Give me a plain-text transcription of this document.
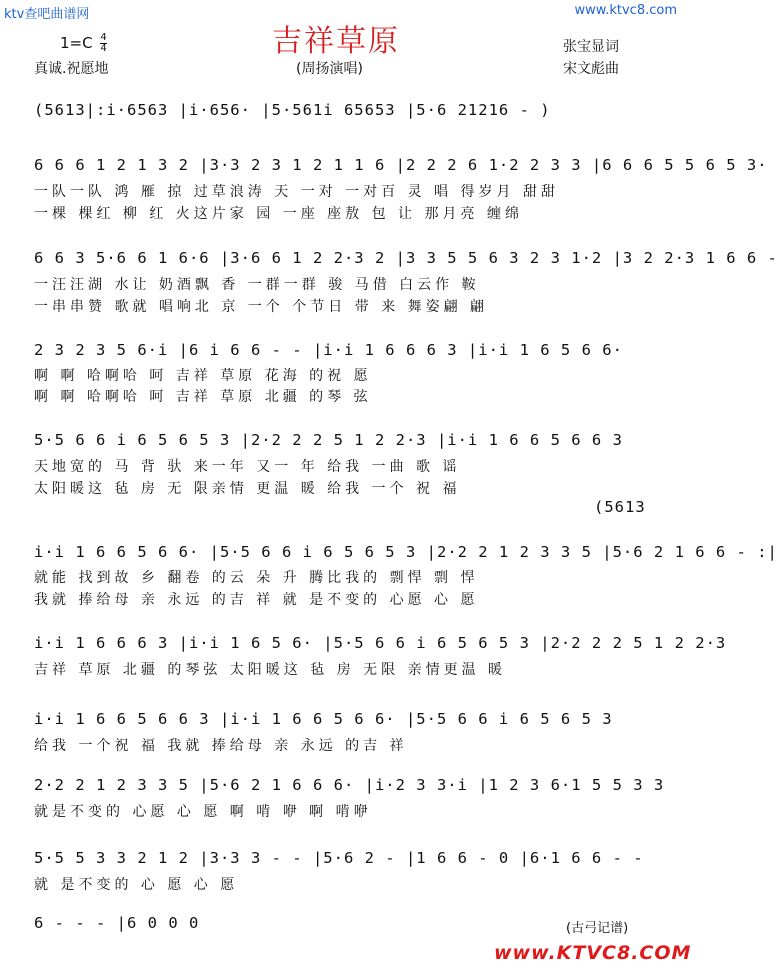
ktv查吧曲谱网	www.ktvc8.com
吉祥草原
$1=C \frac{4}{4}$
真诚.祝愿地	(周扬演唱)
张宝显词
宋文彪曲
(5613|:i·6563 |i·656· |5·561i 65653 |5·6 21216 - )
6 6 6 1 2 1 3 2 |3·3 2 3 1 2 1 1 6 |2 2 2 6 1·2 2 3 3 |6 6 6 5 5 6 5 3·
一队一队 鸿 雁 掠 过草浪涛 天 一对 一对百 灵 唱 得岁月 甜甜
一棵 棵红 柳 红 火这片家 园 一座 座敖 包 让 那月亮 缠绵
6 6 3 5·6 6 1 6·6 |3·6 6 1 2 2·3 2 |3 3 5 5 6 3 2 3 1·2 |3 2 2·3 1 6 6 -
一汪汪湖 水让 奶酒飘 香 一群一群 骏 马借 白云作 鞍
一串串赞 歌就 唱响北 京 一个 个节日 带 来 舞姿翩 翩
2 3 2 3 5 6·i |6 i 6 6 - - |i·i 1 6 6 6 3 |i·i 1 6 5 6 6·
啊 啊 哈啊哈 呵 吉祥 草原 花海 的祝 愿
啊 啊 哈啊哈 呵 吉祥 草原 北疆 的琴 弦
5·5 6 6 i 6 5 6 5 3 |2·2 2 2 5 1 2 2·3 |i·i 1 6 6 5 6 6 3
天地宽的 马 背 驮 来一年 又一 年 给我 一曲 歌 谣
太阳暖这 毡 房 无 限亲情 更温 暖 给我 一个 祝 福
(5613
i·i 1 6 6 5 6 6· |5·5 6 6 i 6 5 6 5 3 |2·2 2 1 2 3 3 5 |5·6 2 1 6 6 - :|
就能 找到故 乡 翻卷 的云 朵 升 腾比我的 剽悍 剽 悍
我就 捧给母 亲 永远 的吉 祥 就 是不变的 心愿 心 愿
i·i 1 6 6 6 3 |i·i 1 6 5 6· |5·5 6 6 i 6 5 6 5 3 |2·2 2 2 5 1 2 2·3
吉祥 草原 北疆 的琴弦 太阳暖这 毡 房 无限 亲情更温 暖
i·i 1 6 6 5 6 6 3 |i·i 1 6 6 5 6 6· |5·5 6 6 i 6 5 6 5 3
给我 一个祝 福 我就 捧给母 亲 永远 的吉 祥
2·2 2 1 2 3 3 5 |5·6 2 1 6 6 6· |i·2 3 3·i |1 2 3 6·1 5 5 3 3
就是不变的 心愿 心 愿 啊 啃 咿 啊 啃咿
5·5 5 3 3 2 1 2 |3·3 3 - - |5·6 2 - |1 6 6 - 0 |6·1 6 6 - -
就 是不变的 心 愿 心 愿
6 - - - |6 0 0 0	(古弓记谱)
www.KTVC8.COM
